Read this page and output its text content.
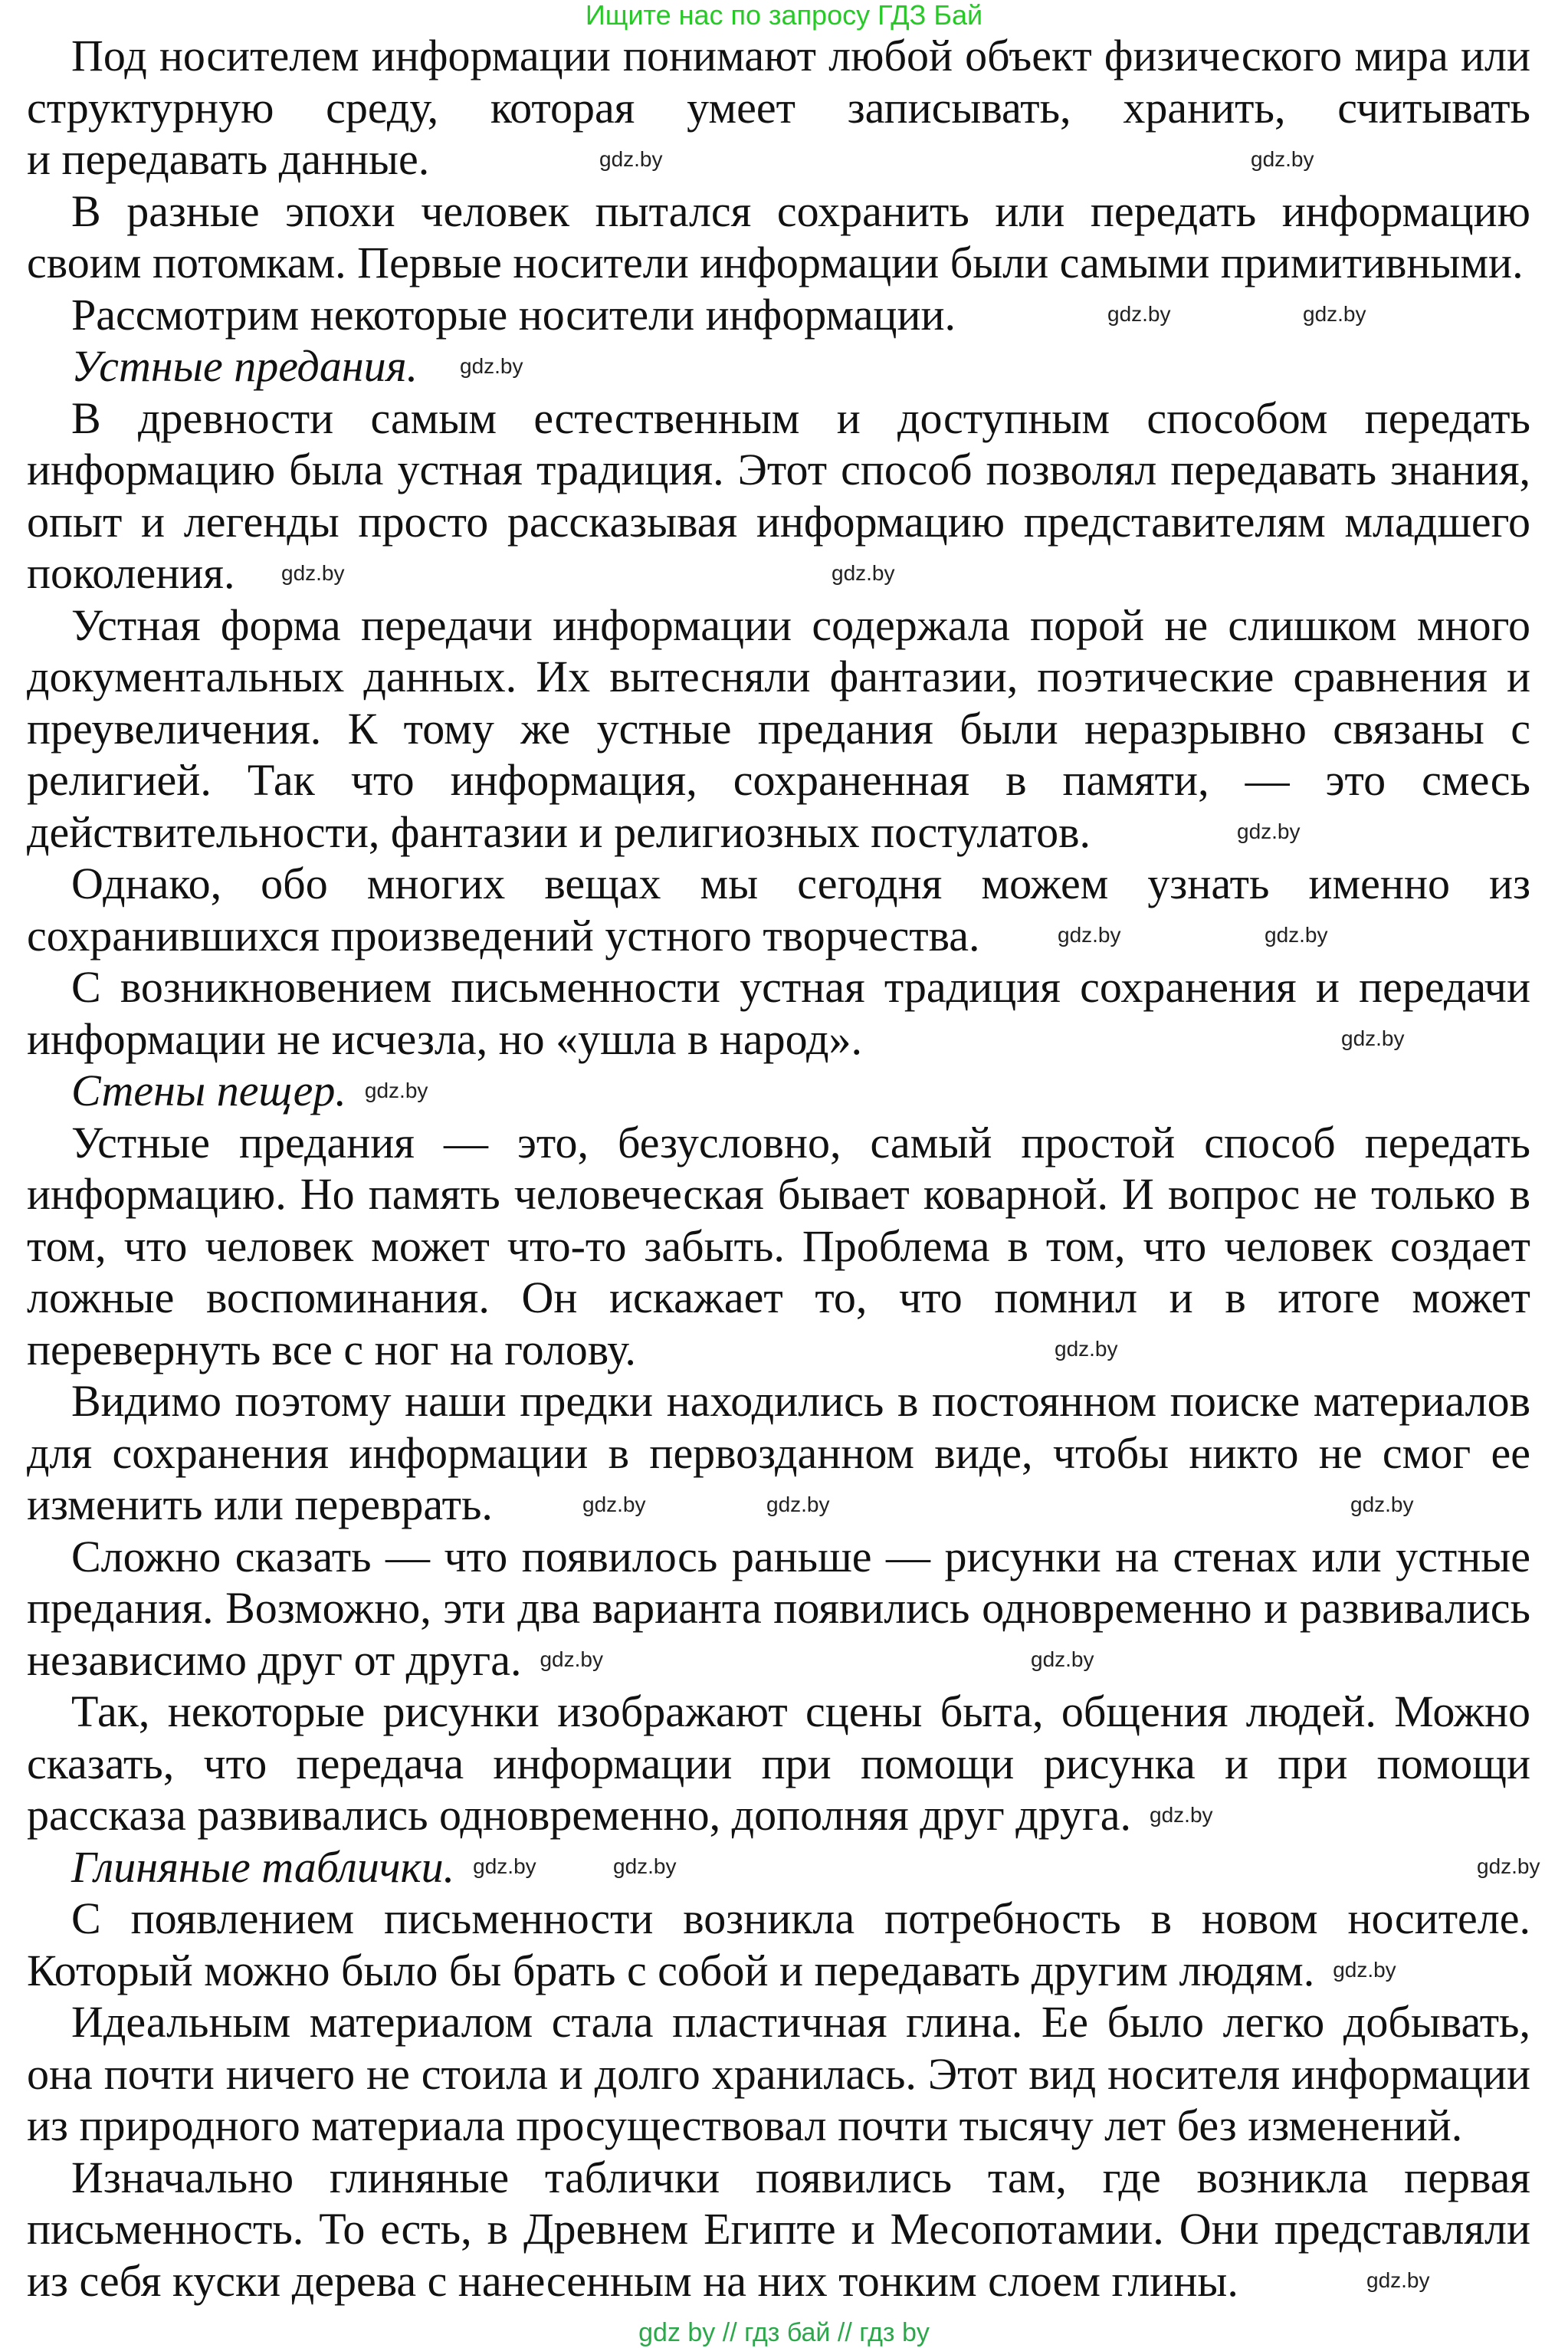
Ищите нас по запросу ГДЗ Бай
Под носителем информации понимают любой объект физического мира или
структурную среду, которая умеет записывать, хранить, считывать
и передавать данные.
В разные эпохи человек пытался сохранить или передать информацию
своим потомкам. Первые носители информации были самыми примитивными.
Рассмотрим некоторые носители информации.
Устные предания.
В древности самым естественным и доступным способом передать
информацию была устная традиция. Этот способ позволял передавать знания,
опыт и легенды просто рассказывая информацию представителям младшего
поколения.
Устная форма передачи информации содержала порой не слишком много
документальных данных. Их вытесняли фантазии, поэтические сравнения и
преувеличения. К тому же устные предания были неразрывно связаны с
религией. Так что информация, сохраненная в памяти, — это смесь
действительности, фантазии и религиозных постулатов.
Однако, обо многих вещах мы сегодня можем узнать именно из
сохранившихся произведений устного творчества.
С возникновением письменности устная традиция сохранения и передачи
информации не исчезла, но «ушла в народ».
Стены пещер.
Устные предания — это, безусловно, самый простой способ передать
информацию. Но память человеческая бывает коварной. И вопрос не только в
том, что человек может что-то забыть. Проблема в том, что человек создает
ложные воспоминания. Он искажает то, что помнил и в итоге может
перевернуть все с ног на голову.
Видимо поэтому наши предки находились в постоянном поиске материалов
для сохранения информации в первозданном виде, чтобы никто не смог ее
изменить или переврать.
Сложно сказать — что появилось раньше — рисунки на стенах или устные
предания. Возможно, эти два варианта появились одновременно и развивались
независимо друг от друга.
Так, некоторые рисунки изображают сцены быта, общения людей. Можно
сказать, что передача информации при помощи рисунка и при помощи
рассказа развивались одновременно, дополняя друг друга.
Глиняные таблички.
С появлением письменности возникла потребность в новом носителе.
Который можно было бы брать с собой и передавать другим людям.
Идеальным материалом стала пластичная глина. Ее было легко добывать,
она почти ничего не стоила и долго хранилась. Этот вид носителя информации
из природного материала просуществовал почти тысячу лет без изменений.
Изначально глиняные таблички появились там, где возникла первая
письменность. То есть, в Древнем Египте и Месопотамии. Они представляли
из себя куски дерева с нанесенным на них тонким слоем глины.
gdz.by
gdz.by
gdz.by
gdz.by
gdz.by
gdz.by
gdz.by
gdz.by
gdz.by
gdz.by
gdz.by
gdz.by
gdz.by
gdz.by	gdz.by
gdz.by
gdz.by
gdz.by
gdz.by	gdz.by
gdz.by
gdz.by
gdz.by
gdz.by
gdz by // гдз бай // гдз by
